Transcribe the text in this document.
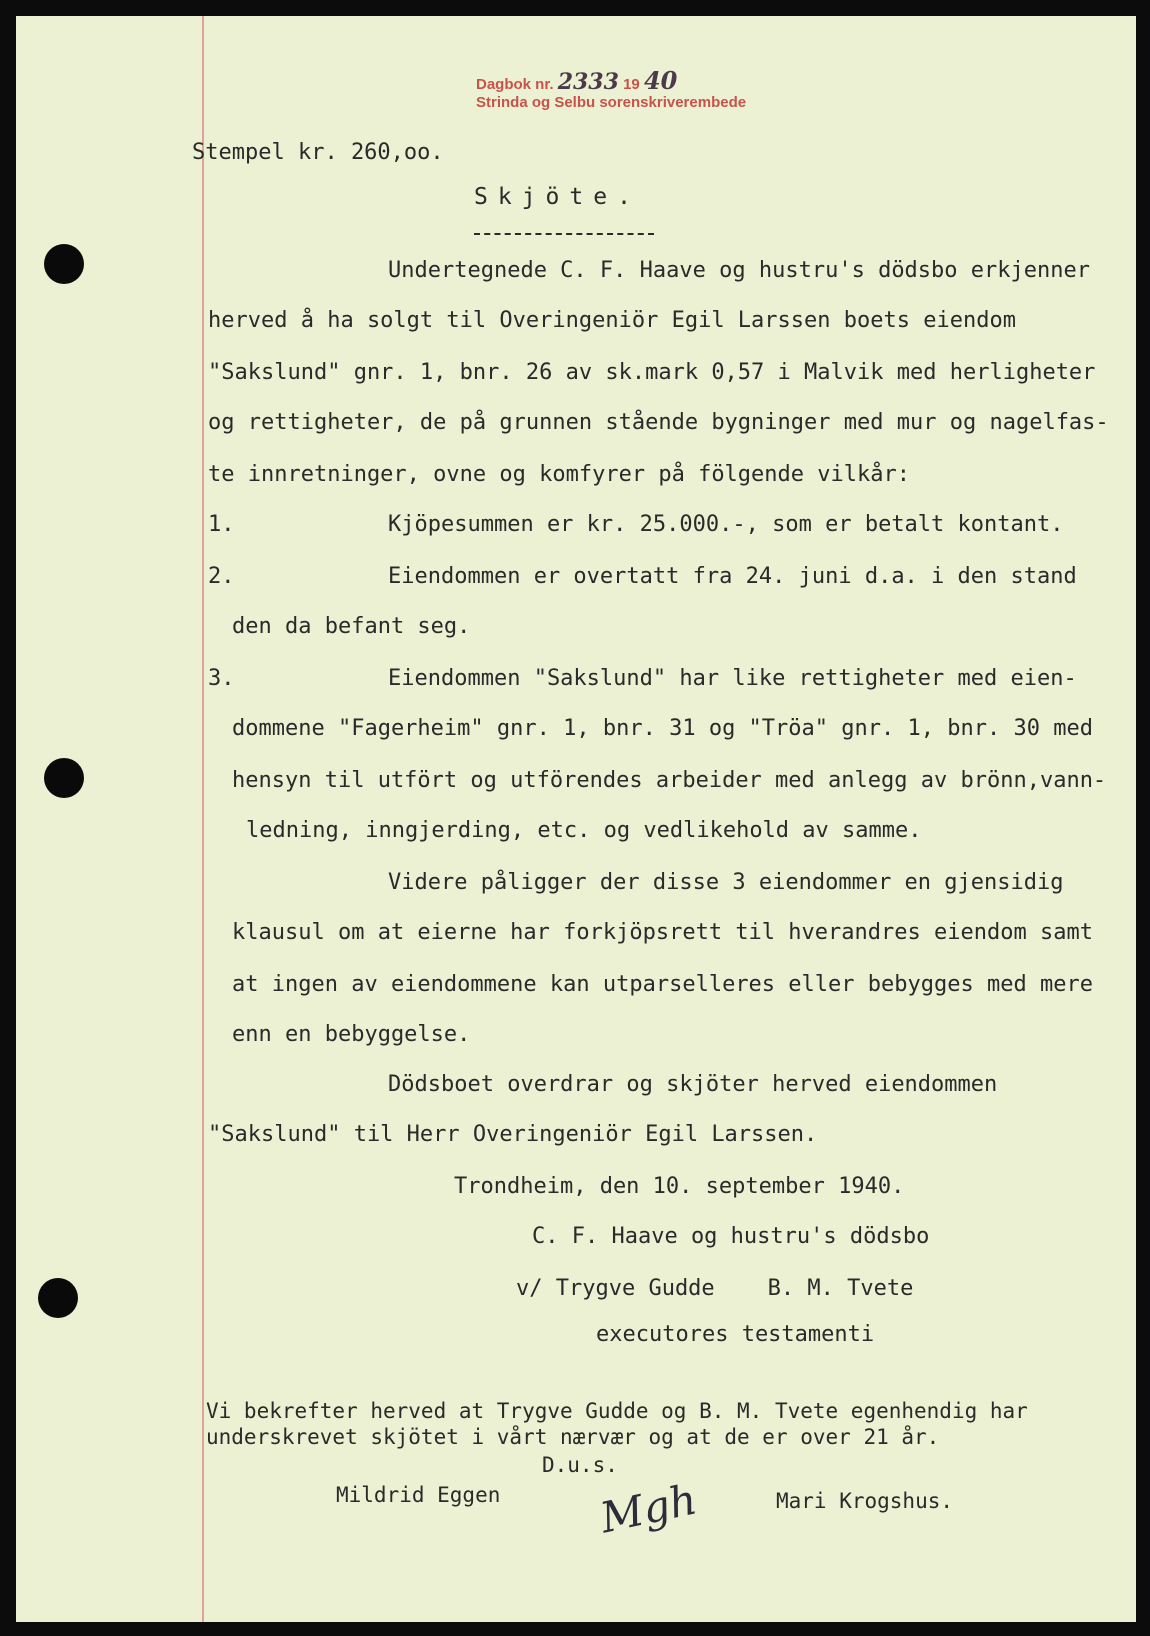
Dagbok nr. 2333 19 40
Strinda og Selbu sorenskriverembede
Stempel kr. 260,oo.
Skjöte.
Undertegnede C. F. Haave og hustru's dödsbo erkjenner
herved å ha solgt til Overingeniör Egil Larssen boets eiendom
"Sakslund" gnr. 1, bnr. 26 av sk.mark 0,57 i Malvik med herligheter
og rettigheter, de på grunnen stående bygninger med mur og nagelfas-
te innretninger, ovne og komfyrer på fölgende vilkår:
1.	Kjöpesummen er kr. 25.000.-, som er betalt kontant.
2.	Eiendommen er overtatt fra 24. juni d.a. i den stand
den da befant seg.
3.	Eiendommen "Sakslund" har like rettigheter med eien-
dommene "Fagerheim" gnr. 1, bnr. 31 og "Tröa" gnr. 1, bnr. 30 med
hensyn til utfört og utförendes arbeider med anlegg av brönn,vann-
ledning, inngjerding, etc. og vedlikehold av samme.
Videre påligger der disse 3 eiendommer en gjensidig
klausul om at eierne har forkjöpsrett til hverandres eiendom samt
at ingen av eiendommene kan utparselleres eller bebygges med mere
enn en bebyggelse.
Dödsboet overdrar og skjöter herved eiendommen
"Sakslund" til Herr Overingeniör Egil Larssen.
Trondheim, den 10. september 1940.
C. F. Haave og hustru's dödsbo
v/ Trygve Gudde    B. M. Tvete
executores testamenti
Vi bekrefter herved at Trygve Gudde og B. M. Tvete egenhendig har
underskrevet skjötet i vårt nærvær og at de er over 21 år.
D.u.s.
Mildrid Eggen	Mari Krogshus.
Mgh
